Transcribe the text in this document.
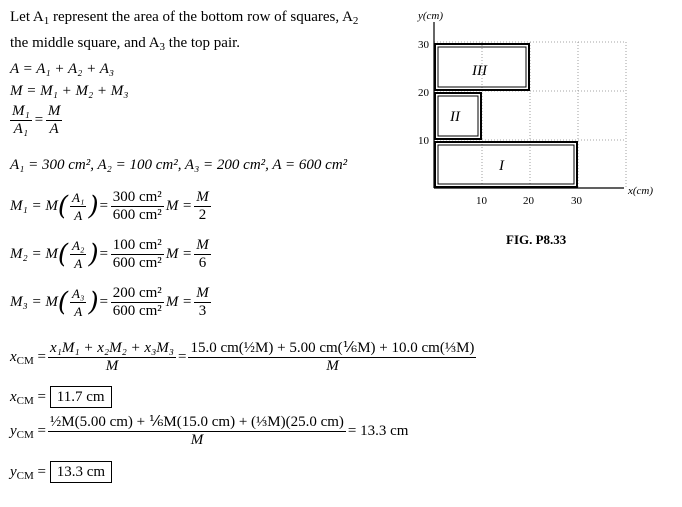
Let $A_1$ represent the area of the bottom row of squares, $A_2$
the middle square, and $A_3$ the top pair.
A = A₁ + A₂ + A₃
M = M₁ + M₂ + M₃
$\frac{\text{M₁}}{\text{A₁}} = \frac{M}{A}$
A₁ = 300 cm², A₂ = 100 cm², A₃ = 200 cm², A = 600 cm²
$M_1 = M( \frac{\text{A₁}}{A}$ )= $\frac{\text{300 cm²}}{\text{600 cm²}}$ $M = \frac{M}{2}$
$M_2 = M( \frac{\text{A₂}}{A}$ )= $\frac{\text{100 cm²}}{\text{600 cm²}}$ $M = \frac{M}{6}$
$M_3 = M( \frac{\text{A₃}}{A}$ )= $\frac{\text{200 cm²}}{\text{600 cm²}}$ $M = \frac{M}{3}$
$x_{CM} = \frac{\text{x₁M₁ + x₂M₂ + x₃M₃}}{M} = \frac{\text{15.0 cm(½M) + 5.00 cm(⅙M) + 10.0 cm(⅓M)}}{M}$
$x_{CM} = 11.7$ cm
$y_{CM} = \frac{\text{½M(5.00 cm) + ⅙M(15.0 cm) + (⅓M)(25.0 cm)}}{M} = 13.3$ cm
$y_{CM} = 13.3$ cm
y(cm)
x(cm)
10
20
30
10	20	30
I
II
III
FIG. P8.33
